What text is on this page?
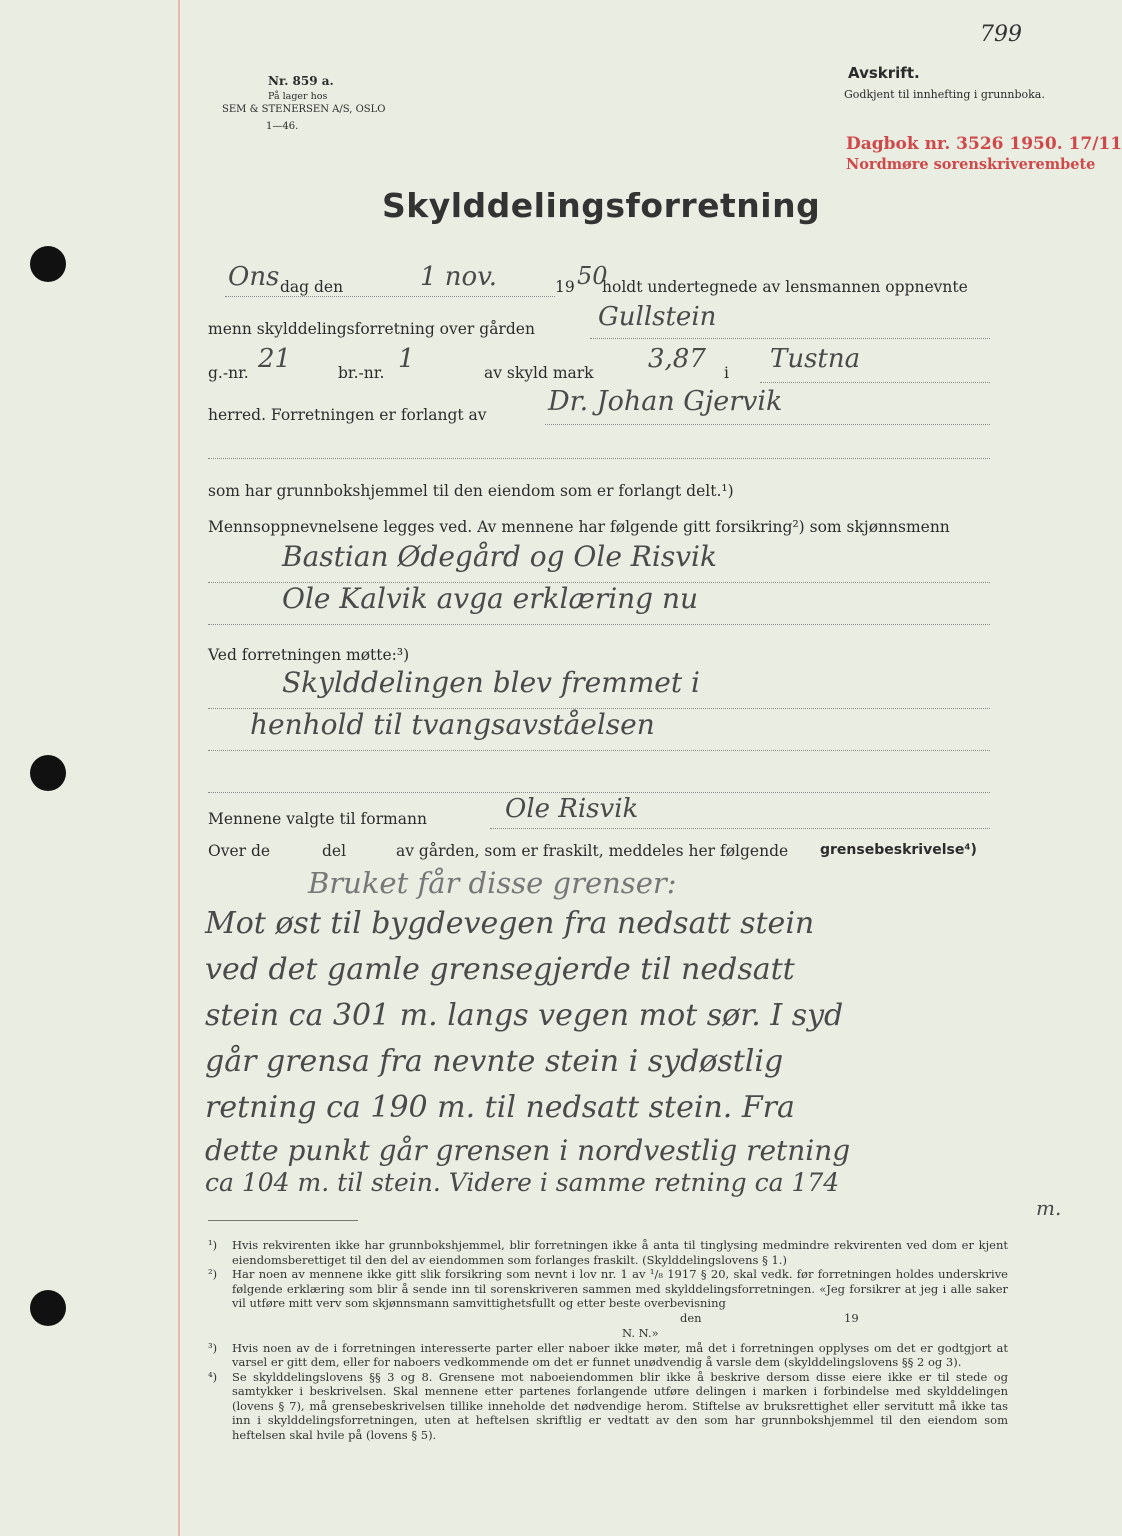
799
Nr. 859 a.
På lager hos
SEM & STENERSEN A/S, OSLO
1—46.
Avskrift.
Godkjent til innhefting i grunnboka.
Dagbok nr. 3526 1950. 17/11
Nordmøre sorenskriverembete
Skylddelingsforretning
Ons dag den	1 nov.	19 50
holdt undertegnede av lensmannen oppnevnte
menn skylddelingsforretning over gården Gullstein
g.-nr. 21	br.-nr. 1	av skyld mark 3,87 i Tustna
herred. Forretningen er forlangt av Dr. Johan Gjervik
som har grunnbokshjemmel til den eiendom som er forlangt delt.¹)
Mennsoppnevnelsene legges ved. Av mennene har følgende gitt forsikring²) som skjønnsmenn
Bastian Ødegård og Ole Risvik
Ole Kalvik avga erklæring nu
Ved forretningen møtte:³)
Skylddelingen blev fremmet i
henhold til tvangsavståelsen
Mennene valgte til formann	Ole Risvik
Over de	del	av gården, som er fraskilt, meddeles her følgende grensebeskrivelse⁴)
Bruket får disse grenser:
Mot øst til bygdevegen fra nedsatt stein
ved det gamle grensegjerde til nedsatt
stein ca 301 m. langs vegen mot sør. I syd
går grensa fra nevnte stein i sydøstlig
retning ca 190 m. til nedsatt stein. Fra
dette punkt går grensen i nordvestlig retning
ca 104 m. til stein. Videre i samme retning ca 174
m.
¹)	Hvis rekvirenten ikke har grunnbokshjemmel, blir forretningen ikke å anta til tinglysing medmindre rekvirenten ved dom er kjent eiendomsberettiget til den del av eiendommen som forlanges fraskilt. (Skylddelingslovens § 1.)

²)	Har noen av mennene ikke gitt slik forsikring som nevnt i lov nr. 1 av ¹/₈ 1917 § 20, skal vedk. før forretningen holdes underskrive følgende erklæring som blir å sende inn til sorenskriveren sammen med skylddelingsforretningen. «Jeg forsikrer at jeg i alle saker vil utføre mitt verv som skjønnsmann samvittighetsfullt og etter beste overbevisning

den	19
N. N.»
³)	Hvis noen av de i forretningen interesserte parter eller naboer ikke møter, må det i forretningen opplyses om det er godtgjort at varsel er gitt dem, eller for naboers vedkommende om det er funnet unødvendig å varsle dem (skylddelingslovens §§ 2 og 3).

⁴)	Se skylddelingslovens §§ 3 og 8. Grensene mot naboeiendommen blir ikke å beskrive dersom disse eiere ikke er til stede og samtykker i beskrivelsen. Skal mennene etter partenes forlangende utføre delingen i marken i forbindelse med skylddelingen (lovens § 7), må grensebeskrivelsen tillike inneholde det nødvendige herom. Stiftelse av bruksrettighet eller servitutt må ikke tas inn i skylddelingsforretningen, uten at heftelsen skriftlig er vedtatt av den som har grunnbokshjemmel til den eiendom som heftelsen skal hvile på (lovens § 5).
